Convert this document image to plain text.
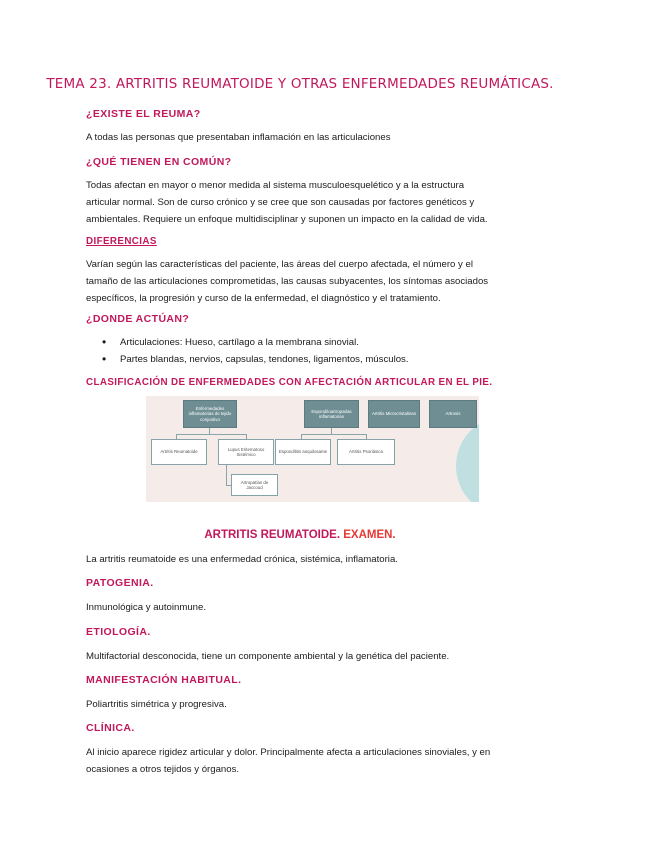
TEMA 23. ARTRITIS REUMATOIDE Y OTRAS ENFERMEDADES REUMÁTICAS.
¿EXISTE EL REUMA?
A todas las personas que presentaban inflamación en las articulaciones
¿QUÉ TIENEN EN COMÚN?
Todas afectan en mayor o menor medida al sistema musculoesquelético y a la estructura
articular normal. Son de curso crónico y se cree que son causadas por factores genéticos y
ambientales. Requiere un enfoque multidisciplinar y suponen un impacto en la calidad de vida.
DIFERENCIAS
Varían según las características del paciente, las áreas del cuerpo afectada, el número y el
tamaño de las articulaciones comprometidas, las causas subyacentes, los síntomas asociados
específicos, la progresión y curso de la enfermedad, el diagnóstico y el tratamiento.
¿DONDE ACTÚAN?
• Articulaciones: Hueso, cartílago a la membrana sinovial.
• Partes blandas, nervios, capsulas, tendones, ligamentos, músculos.
CLASIFICACIÓN DE ENFERMEDADES CON AFECTACIÓN ARTICULAR EN EL PIE.
Enfermedades inflamatorias de tejido conjuntivo
Espondiloartropatías inflamatorias
Artritis Microcristalinas	Artrosis
Artritis Reumatoide
Lupus Eritematoso Sistémico
Espondilitis anquilosante	Artritis Psoriásica
Artropatías de Jaccoud
ARTRITIS REUMATOIDE. EXAMEN.
La artritis reumatoide es una enfermedad crónica, sistémica, inflamatoria.
PATOGENIA.
Inmunológica y autoinmune.
ETIOLOGÍA.
Multifactorial desconocida, tiene un componente ambiental y la genética del paciente.
MANIFESTACIÓN HABITUAL.
Poliartritis simétrica y progresiva.
CLÍNICA.
Al inicio aparece rigidez articular y dolor. Principalmente afecta a articulaciones sinoviales, y en
ocasiones a otros tejidos y órganos.
